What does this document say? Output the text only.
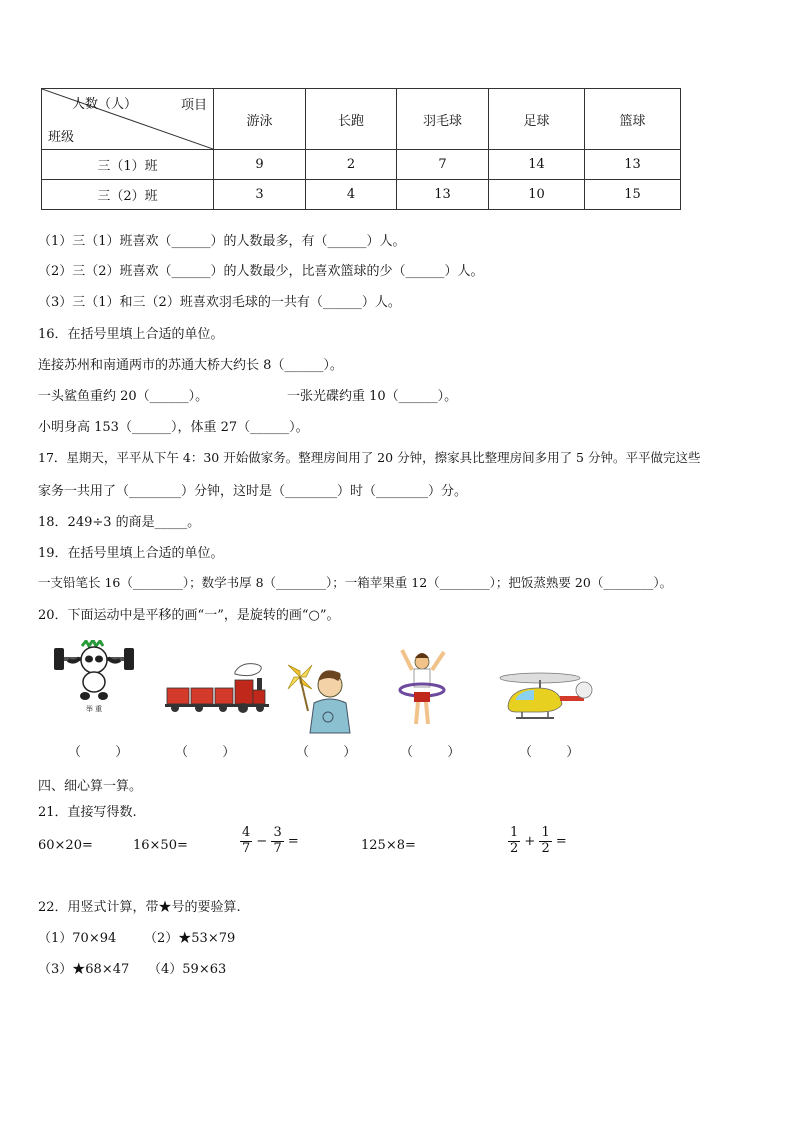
人数（人） 项目
班级	游泳	长跑	羽毛球	足球	篮球
三（1）班	9	2	7	14	13
三（2）班	3	4	13	10	15
（1）三（1）班喜欢（______）的人数最多，有（______）人。
（2）三（2）班喜欢（______）的人数最少，比喜欢篮球的少（______）人。
（3）三（1）和三（2）班喜欢羽毛球的一共有（______）人。
16．在括号里填上合适的单位。
连接苏州和南通两市的苏通大桥大约长 8（______）。
一头鲨鱼重约 20（______）。	一张光碟约重 10（______）。
小明身高 153（______），体重 27（______）。
17．星期天，平平从下午 4：30 开始做家务。整理房间用了 20 分钟，擦家具比整理房间多用了 5 分钟。平平做完这些
家务一共用了（________）分钟，这时是（________）时（________）分。
18．249÷3 的商是_____。
19．在括号里填上合适的单位。
一支铅笔长 16（________）；数学书厚 8（________）；一箱苹果重 12（________）；把饭蒸熟要 20（________）。
20．下面运动中是平移的画“一”，是旋转的画“○”。
举 重
（ 　　 ）	（ 　　 ）	（ 　　 ）	（ 　　 ）	（ 　　 ）
四、细心算一算。
21．直接写得数.
60×20=	16×50=	$\frac{4}{7} - \frac{3}{7}$ =	125×8=	$\frac{1}{2} + \frac{1}{2}$ =
22．用竖式计算，带★号的要验算.
（1）70×94 （2）★53×79
（3）★68×47 （4）59×63
